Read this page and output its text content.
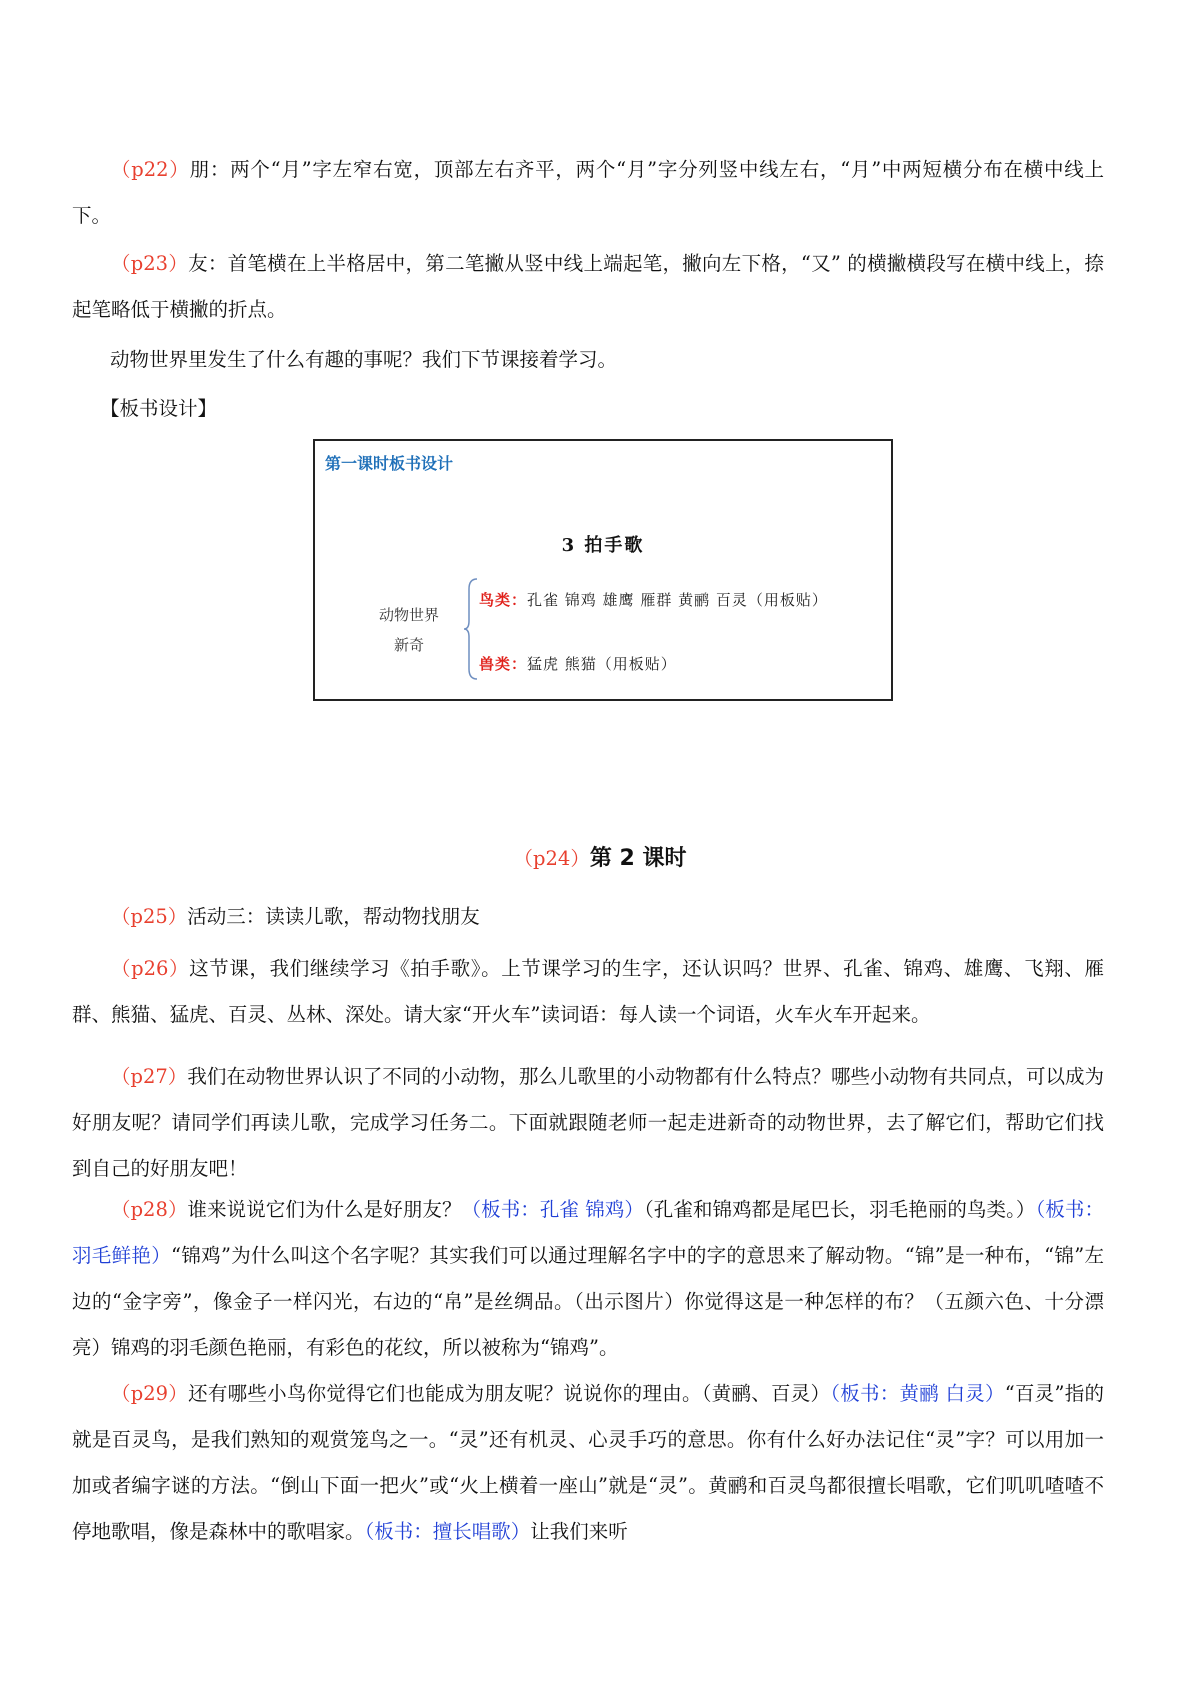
（p22）朋：两个“月”字左窄右宽，顶部左右齐平，两个“月”字分列竖中线左右，“月”中两短横分布在横中线上下。

（p23）友：首笔横在上半格居中，第二笔撇从竖中线上端起笔，撇向左下格，“又” 的横撇横段写在横中线上，捺起笔略低于横撇的折点。

动物世界里发生了什么有趣的事呢？我们下节课接着学习。

【板书设计】

第一课时板书设计
3 拍手歌
动物世界
新奇
鸟类：孔雀 锦鸡 雄鹰 雁群 黄鹂 百灵（用板贴）
兽类：猛虎 熊猫（用板贴）
（p24）第 2 课时

（p25）活动三：读读儿歌，帮动物找朋友

（p26）这节课，我们继续学习《拍手歌》。上节课学习的生字，还认识吗？世界、孔雀、锦鸡、雄鹰、飞翔、雁群、熊猫、猛虎、百灵、丛林、深处。请大家“开火车”读词语：每人读一个词语，火车火车开起来。

（p27）我们在动物世界认识了不同的小动物，那么儿歌里的小动物都有什么特点？哪些小动物有共同点，可以成为好朋友呢？请同学们再读儿歌，完成学习任务二。下面就跟随老师一起走进新奇的动物世界，去了解它们，帮助它们找到自己的好朋友吧！

（p28）谁来说说它们为什么是好朋友？（板书：孔雀 锦鸡）（孔雀和锦鸡都是尾巴长，羽毛艳丽的鸟类。）（板书：羽毛鲜艳）“锦鸡”为什么叫这个名字呢？其实我们可以通过理解名字中的字的意思来了解动物。“锦”是一种布，“锦”左边的“金字旁”，像金子一样闪光，右边的“帛”是丝绸品。（出示图片）你觉得这是一种怎样的布？（五颜六色、十分漂亮）锦鸡的羽毛颜色艳丽，有彩色的花纹，所以被称为“锦鸡”。

（p29）还有哪些小鸟你觉得它们也能成为朋友呢？说说你的理由。（黄鹂、百灵）（板书：黄鹂 白灵）“百灵”指的就是百灵鸟，是我们熟知的观赏笼鸟之一。“灵”还有机灵、心灵手巧的意思。你有什么好办法记住“灵”字？可以用加一加或者编字谜的方法。“倒山下面一把火”或“火上横着一座山”就是“灵”。黄鹂和百灵鸟都很擅长唱歌，它们叽叽喳喳不停地歌唱，像是森林中的歌唱家。（板书：擅长唱歌）让我们来听
